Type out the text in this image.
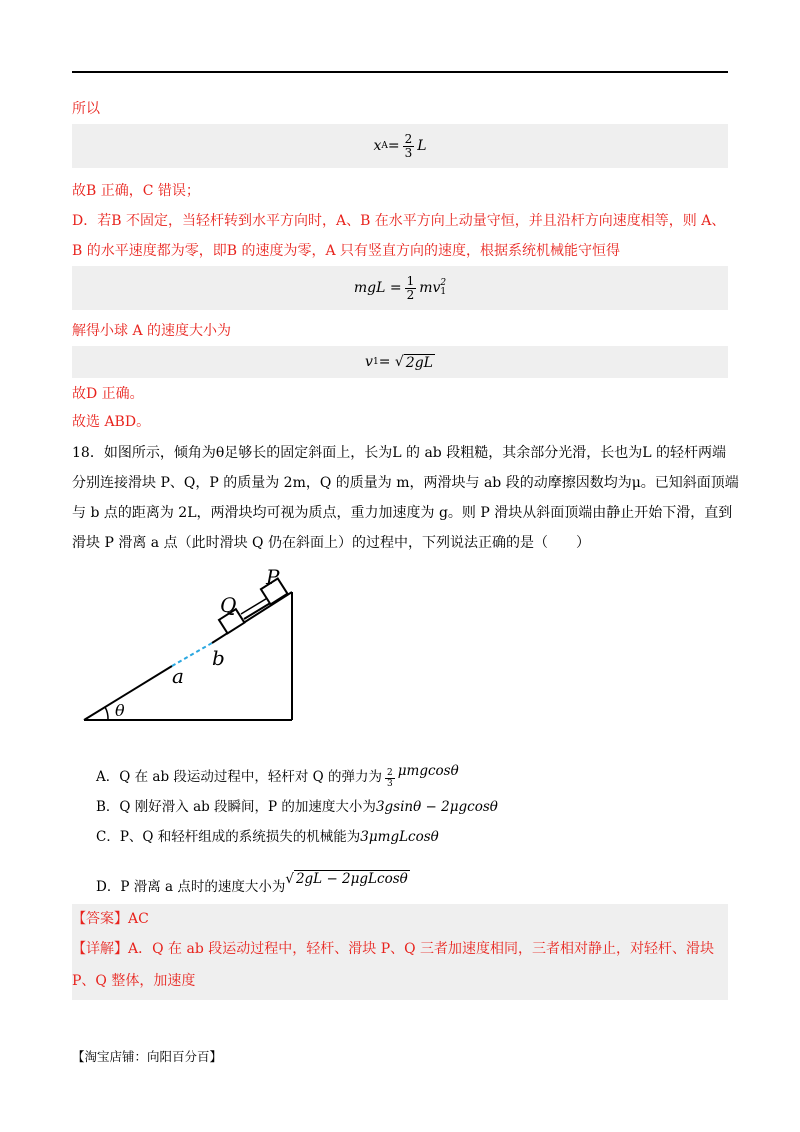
所以
x $A = \frac{2}{3}$ L
故B 正确，C 错误；
D．若B 不固定，当轻杆转到水平方向时，A、B 在水平方向上动量守恒，并且沿杆方向速度相等，则 A、
B 的水平速度都为零，即B 的速度为零，A 只有竖直方向的速度，根据系统机械能守恒得
mgL = $\frac{1}{2}$ mv 2
1
解得小球 A 的速度大小为
v 1 = √ 2gL
故D 正确。
故选 ABD。
18．如图所示，倾角为θ足够长的固定斜面上，长为L 的 ab 段粗糙，其余部分光滑，长也为L 的轻杆两端
分别连接滑块 P、Q，P 的质量为 2m，Q 的质量为 m，两滑块与 ab 段的动摩擦因数均为μ。已知斜面顶端
与 b 点的距离为 2L，两滑块均可视为质点，重力加速度为 g。则 P 滑块从斜面顶端由静止开始下滑，直到
滑块 P 滑离 a 点（此时滑块 Q 仍在斜面上）的过程中，下列说法正确的是（　　）
P
Q
b
a
θ
A．Q 在 ab 段运动过程中，轻杆对 Q 的弹力为 $\frac{2}{3}$ μmgcosθ
B．Q 刚好滑入 ab 段瞬间，P 的加速度大小为3gsinθ − 2μgcosθ
C．P、Q 和轻杆组成的系统损失的机械能为3μmgLcosθ
D．P 滑离 a 点时的速度大小为√ 2gL − 2μgLcosθ
【答案】AC
【详解】A．Q 在 ab 段运动过程中，轻杆、滑块 P、Q 三者加速度相同，三者相对静止，对轻杆、滑块
P、Q 整体，加速度
【淘宝店铺：向阳百分百】
